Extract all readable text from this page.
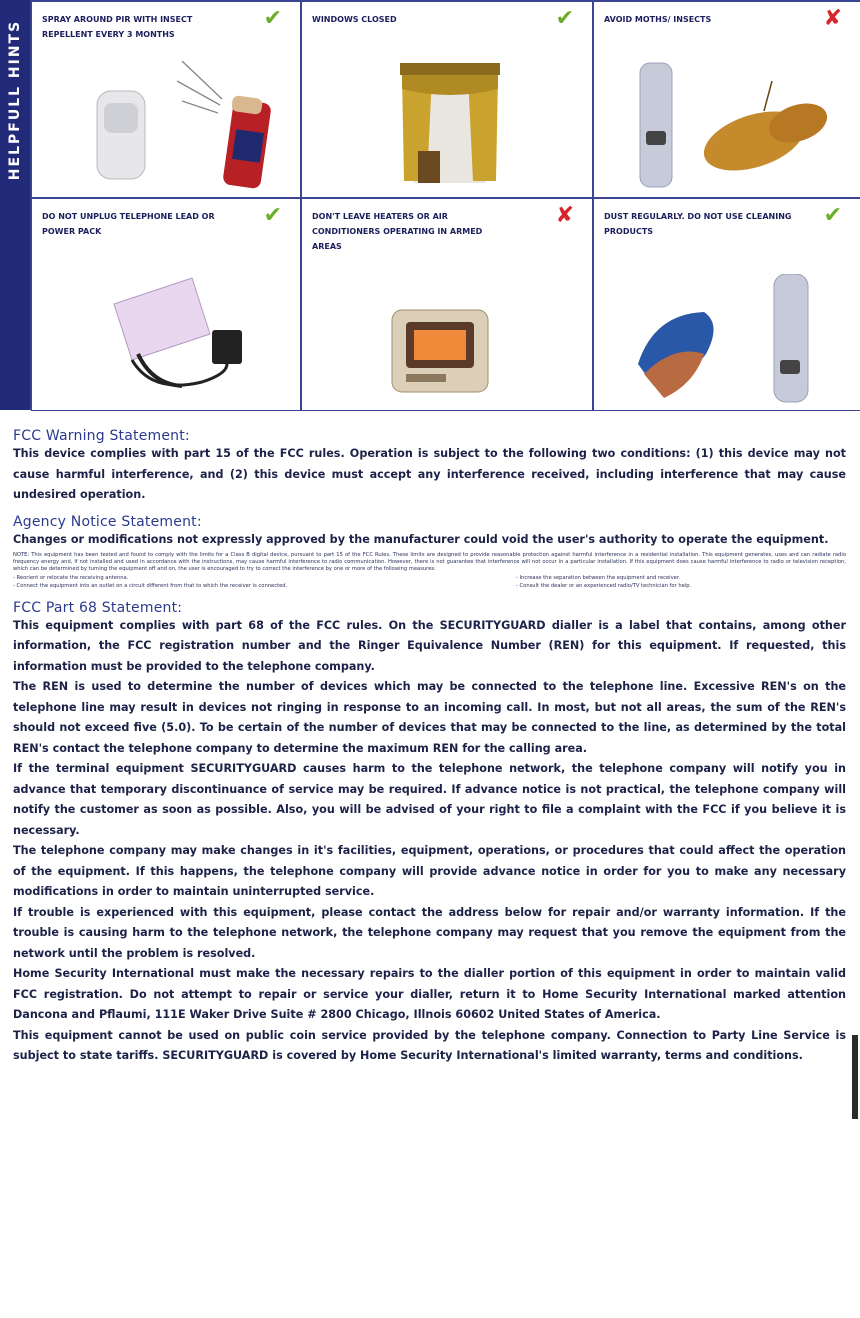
HELPFULL HINTS
SPRAY AROUND PIR WITH INSECT REPELLENT EVERY 3 MONTHS
✔	WINDOWS CLOSED	✔	AVOID MOTHS/ INSECTS	✘
DO NOT UNPLUG TELEPHONE LEAD OR POWER PACK
✔	DON'T LEAVE HEATERS OR AIR CONDITIONERS OPERATING IN ARMED AREAS
✘	DUST REGULARLY. DO NOT USE CLEANING PRODUCTS
✔
FCC Warning Statement:

This device complies with part 15 of the FCC rules. Operation is subject to the following two conditions: (1) this device may not cause harmful interference, and (2) this device must accept any interference received, including interference that may cause undesired operation.

Agency Notice Statement:

Changes or modifications not expressly approved by the manufacturer could void the user's authority to operate the equipment.

NOTE: This equipment has been tested and found to comply with the limits for a Class B digital device, pursuant to part 15 of the FCC Rules. These limits are designed to provide reasonable protection against harmful interference in a residential installation. This equipment generates, uses and can radiate radio frequency energy and, if not installed and used in accordance with the instructions, may cause harmful interference to radio communication. However, there is not guarantee that interference will not occur in a particular installation. If this equipment does cause harmful interference to radio or television reception, which can be determined by turning the equipment off and on, the user is encouraged to try to correct the interference by one or more of the following measures:

- Reorient or relocate the receiving antenna.
- Connect the equipment into an outlet on a circuit different from that to which the receiver is connected.
- Increase the separation between the equipment and receiver.
- Consult the dealer or an experienced radio/TV technician for help.
FCC Part 68 Statement:

This equipment complies with part 68 of the FCC rules. On the SECURITYGUARD dialler is a label that contains, among other information, the FCC registration number and the Ringer Equivalence Number (REN) for this equipment. If requested, this information must be provided to the telephone company.

The REN is used to determine the number of devices which may be connected to the telephone line. Excessive REN's on the telephone line may result in devices not ringing in response to an incoming call. In most, but not all areas, the sum of the REN's should not exceed five (5.0). To be certain of the number of devices that may be connected to the line, as determined by the total REN's contact the telephone company to determine the maximum REN for the calling area.

If the terminal equipment SECURITYGUARD causes harm to the telephone network, the telephone company will notify you in advance that temporary discontinuance of service may be required. If advance notice is not practical, the telephone company will notify the customer as soon as possible. Also, you will be advised of your right to file a complaint with the FCC if you believe it is necessary.

The telephone company may make changes in it's facilities, equipment, operations, or procedures that could affect the operation of the equipment. If this happens, the telephone company will provide advance notice in order for you to make any necessary modifications in order to maintain uninterrupted service.

If trouble is experienced with this equipment, please contact the address below for repair and/or warranty information. If the trouble is causing harm to the telephone network, the telephone company may request that you remove the equipment from the network until the problem is resolved.

Home Security International must make the necessary repairs to the dialler portion of this equipment in order to maintain valid FCC registration. Do not attempt to repair or service your dialler, return it to Home Security International marked attention Dancona and Pflaumi, 111E Waker Drive Suite # 2800 Chicago, Illnois 60602 United States of America.

This equipment cannot be used on public coin service provided by the telephone company. Connection to Party Line Service is subject to state tariffs. SECURITYGUARD is covered by Home Security International's limited warranty, terms and conditions.
